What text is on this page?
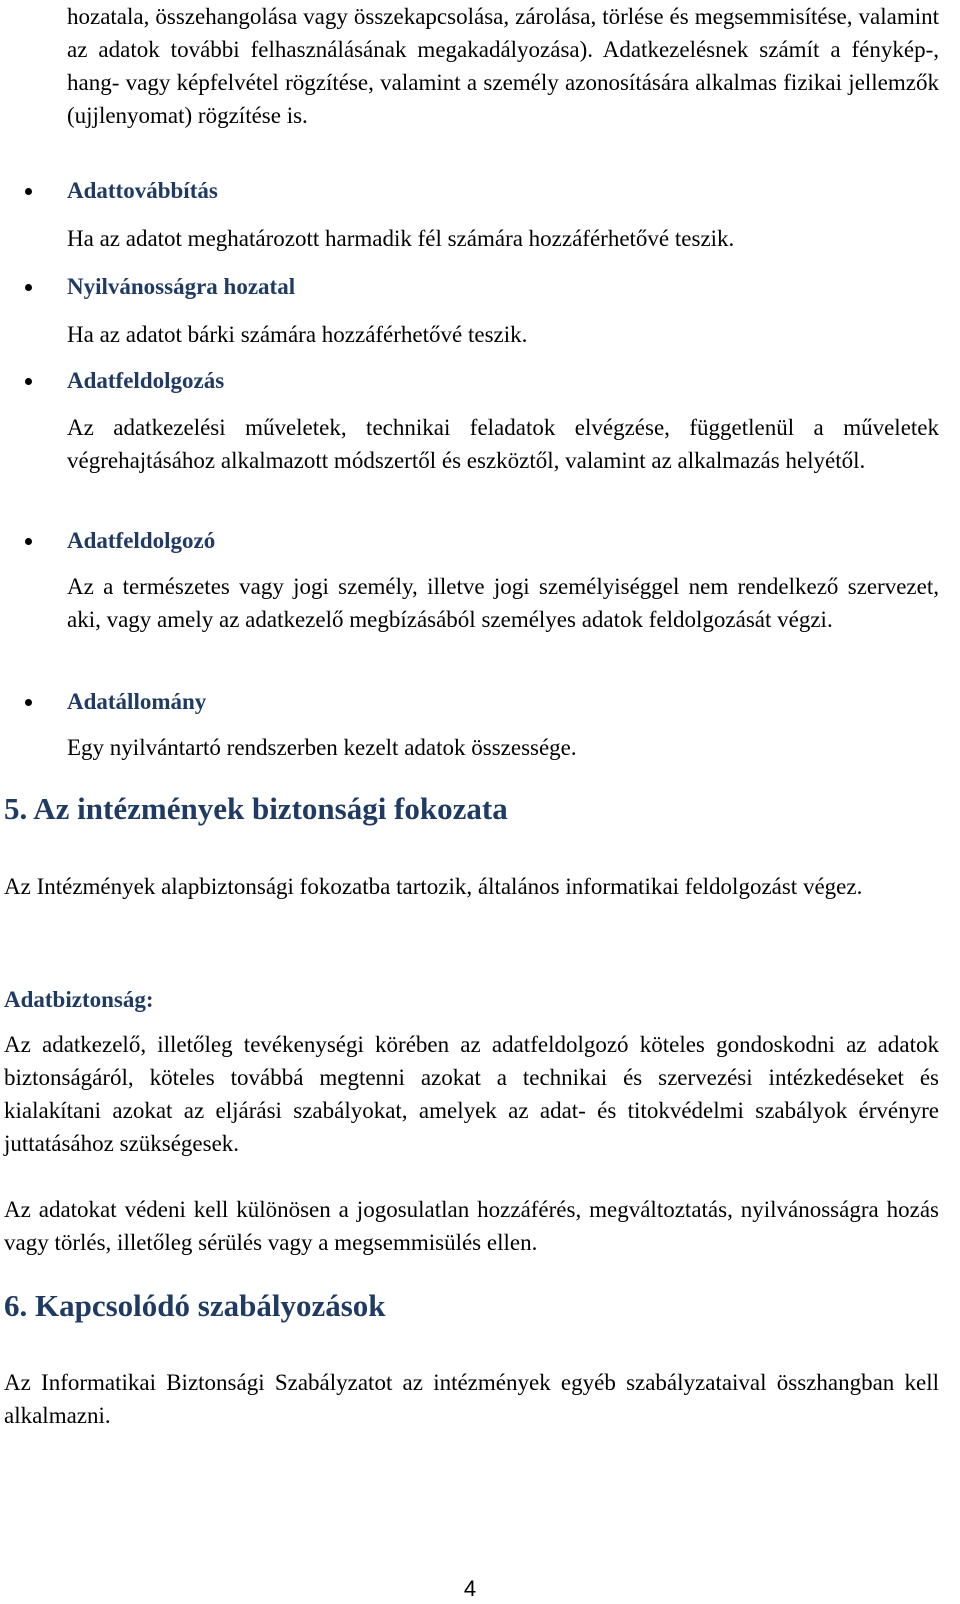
hozatala, összehangolása vagy összekapcsolása, zárolása, törlése és megsemmisítése, valamint az adatok további felhasználásának megakadályozása). Adatkezelésnek számít a fénykép-, hang- vagy képfelvétel rögzítése, valamint a személy azonosítására alkalmas fizikai jellemzők (ujjlenyomat) rögzítése is.
Adattovábbítás
Ha az adatot meghatározott harmadik fél számára hozzáférhetővé teszik.
Nyilvánosságra hozatal
Ha az adatot bárki számára hozzáférhetővé teszik.
Adatfeldolgozás
Az adatkezelési műveletek, technikai feladatok elvégzése, függetlenül a műveletek végrehajtásához alkalmazott módszertől és eszköztől, valamint az alkalmazás helyétől.
Adatfeldolgozó
Az a természetes vagy jogi személy, illetve jogi személyiséggel nem rendelkező szervezet, aki, vagy amely az adatkezelő megbízásából személyes adatok feldolgozását végzi.
Adatállomány
Egy nyilvántartó rendszerben kezelt adatok összessége.
5. Az intézmények biztonsági fokozata
Az Intézmények alapbiztonsági fokozatba tartozik, általános informatikai feldolgozást végez.
Adatbiztonság:
Az adatkezelő, illetőleg tevékenységi körében az adatfeldolgozó köteles gondoskodni az adatok biztonságáról, köteles továbbá megtenni azokat a technikai és szervezési intézkedéseket és kialakítani azokat az eljárási szabályokat, amelyek az adat- és titokvédelmi szabályok érvényre juttatásához szükségesek.
Az adatokat védeni kell különösen a jogosulatlan hozzáférés, megváltoztatás, nyilvánosságra hozás vagy törlés, illetőleg sérülés vagy a megsemmisülés ellen.
6. Kapcsolódó szabályozások
Az Informatikai Biztonsági Szabályzatot az intézmények egyéb szabályzataival összhangban kell alkalmazni.
4
